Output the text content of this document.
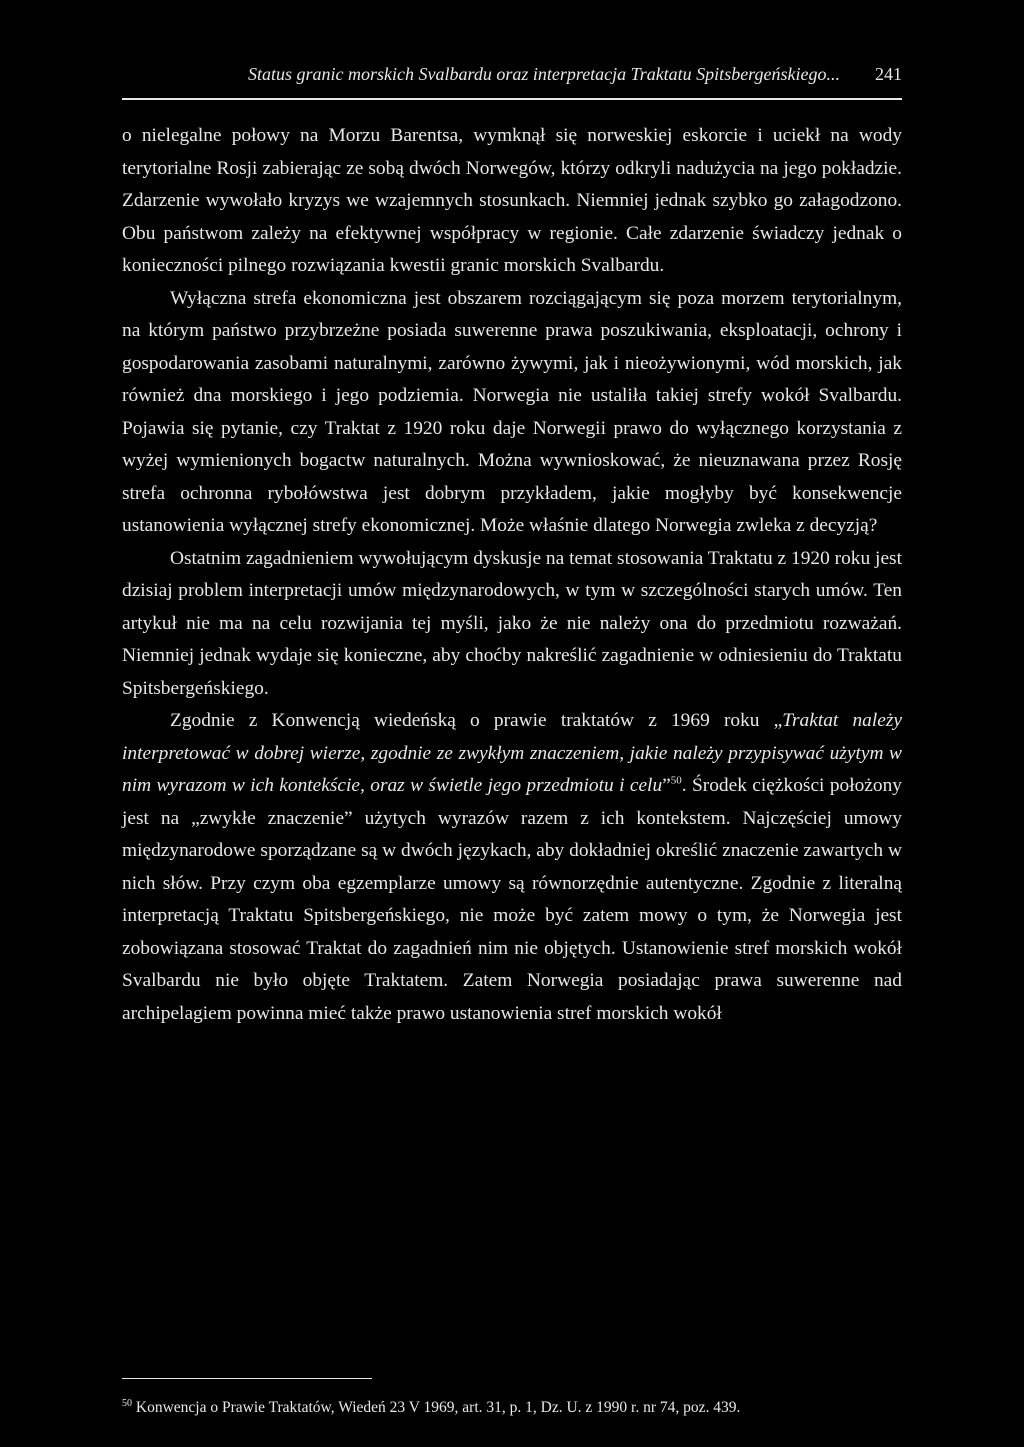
Status granic morskich Svalbardu oraz interpretacja Traktatu Spitsbergeńskiego... 241

o nielegalne połowy na Morzu Barentsa, wymknął się norweskiej eskorcie i uciekł na wody terytorialne Rosji zabierając ze sobą dwóch Norwegów, którzy odkryli nadużycia na jego pokładzie. Zdarzenie wywołało kryzys we wzajemnych stosunkach. Niemniej jednak szybko go załagodzono. Obu państwom zależy na efektywnej współpracy w regionie. Całe zdarzenie świadczy jednak o konieczności pilnego rozwiązania kwestii granic morskich Svalbardu.

Wyłączna strefa ekonomiczna jest obszarem rozciągającym się poza morzem terytorialnym, na którym państwo przybrzeżne posiada suwerenne prawa poszukiwania, eksploatacji, ochrony i gospodarowania zasobami naturalnymi, zarówno żywymi, jak i nieożywionymi, wód morskich, jak również dna morskiego i jego podziemia. Norwegia nie ustaliła takiej strefy wokół Svalbardu. Pojawia się pytanie, czy Traktat z 1920 roku daje Norwegii prawo do wyłącznego korzystania z wyżej wymienionych bogactw naturalnych. Można wywnioskować, że nieuznawana przez Rosję strefa ochronna rybołówstwa jest dobrym przykładem, jakie mogłyby być konsekwencje ustanowienia wyłącznej strefy ekonomicznej. Może właśnie dlatego Norwegia zwleka z decyzją?

Ostatnim zagadnieniem wywołującym dyskusje na temat stosowania Traktatu z 1920 roku jest dzisiaj problem interpretacji umów międzynarodowych, w tym w szczególności starych umów. Ten artykuł nie ma na celu rozwijania tej myśli, jako że nie należy ona do przedmiotu rozważań. Niemniej jednak wydaje się konieczne, aby choćby nakreślić zagadnienie w odniesieniu do Traktatu Spitsbergeńskiego.

Zgodnie z Konwencją wiedeńską o prawie traktatów z 1969 roku „Traktat należy interpretować w dobrej wierze, zgodnie ze zwykłym znaczeniem, jakie należy przypisywać użytym w nim wyrazom w ich kontekście, oraz w świetle jego przedmiotu i celu”$^{50}$. Środek ciężkości położony jest na „zwykłe znaczenie” użytych wyrazów razem z ich kontekstem. Najczęściej umowy międzynarodowe sporządzane są w dwóch językach, aby dokładniej określić znaczenie zawartych w nich słów. Przy czym oba egzemplarze umowy są równorzędnie autentyczne. Zgodnie z literalną interpretacją Traktatu Spitsbergeńskiego, nie może być zatem mowy o tym, że Norwegia jest zobowiązana stosować Traktat do zagadnień nim nie objętych. Ustanowienie stref morskich wokół Svalbardu nie było objęte Traktatem. Zatem Norwegia posiadając prawa suwerenne nad archipelagiem powinna mieć także prawo ustanowienia stref morskich wokół

$^{50}$ Konwencja o Prawie Traktatów, Wiedeń 23 V 1969, art. 31, p. 1, Dz. U. z 1990 r. nr 74, poz. 439.
